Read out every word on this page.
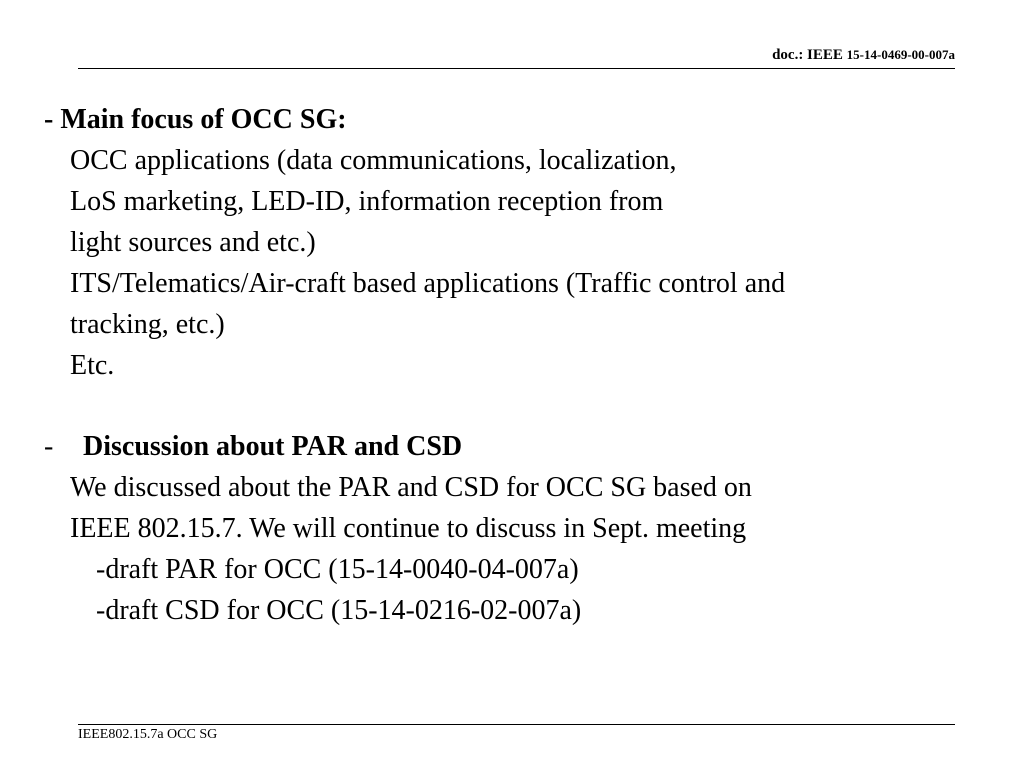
doc.: IEEE 15-14-0469-00-007a
- Main focus of OCC SG:
OCC applications (data communications, localization,
LoS marketing, LED-ID, information reception from
light sources and etc.)
ITS/Telematics/Air-craft based applications (Traffic control and
tracking, etc.)
Etc.
- Discussion about PAR and CSD
We discussed about the PAR and CSD for OCC SG based on
IEEE 802.15.7. We will continue to discuss in Sept. meeting
-draft PAR for OCC (15-14-0040-04-007a)
-draft CSD for OCC (15-14-0216-02-007a)
IEEE802.15.7a OCC SG
